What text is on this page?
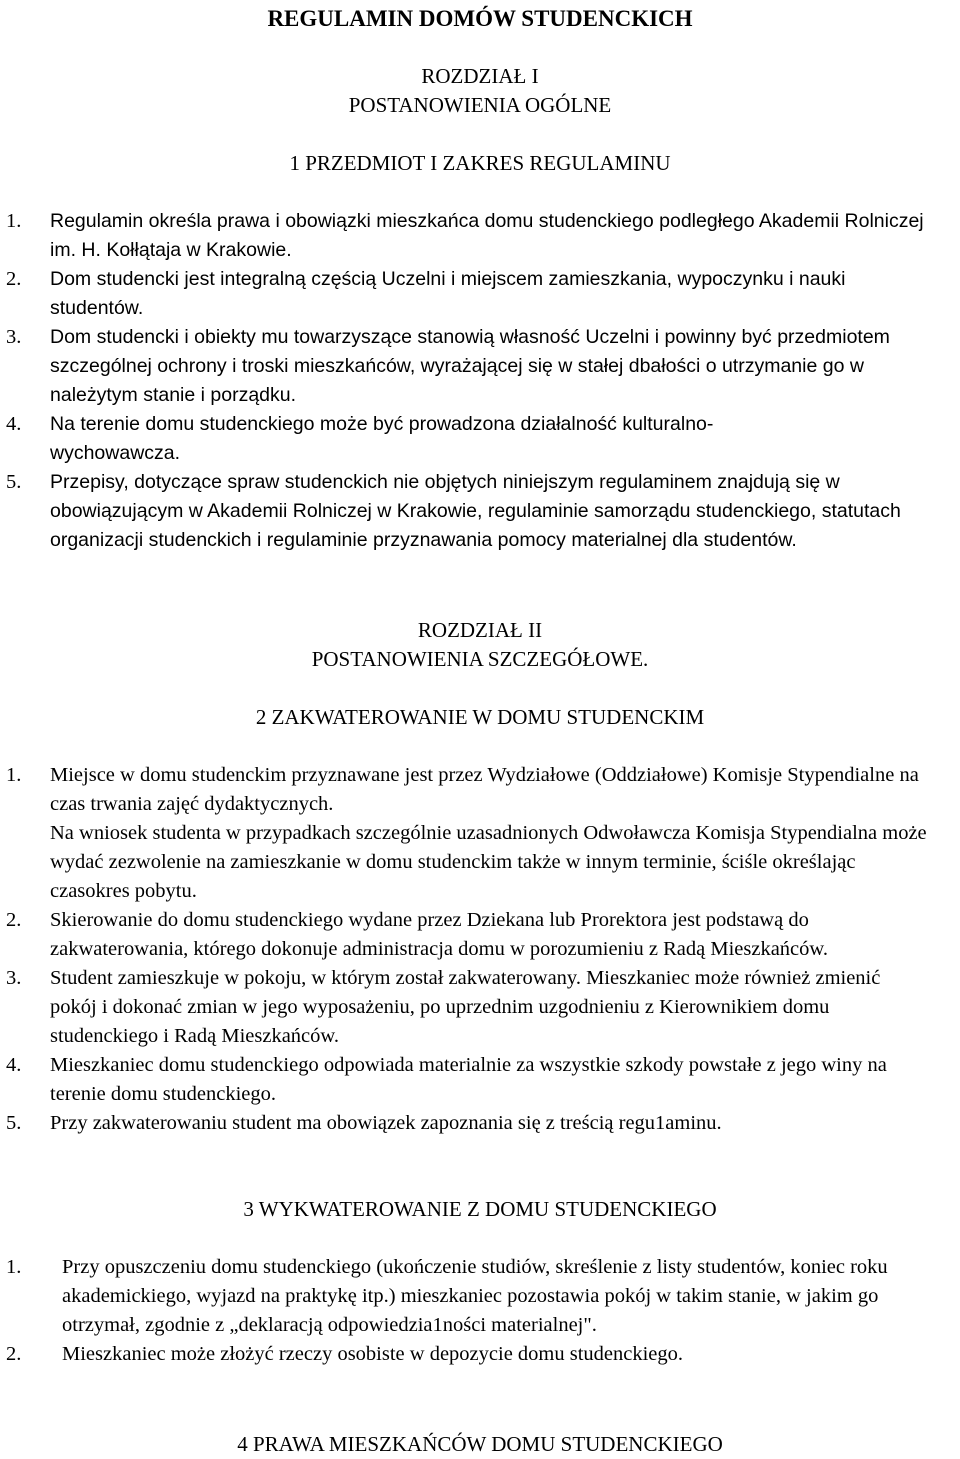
REGULAMIN DOMÓW STUDENCKICH
ROZDZIAŁ I
POSTANOWIENIA OGÓLNE
1 PRZEDMIOT I ZAKRES REGULAMINU
1. Regulamin określa prawa i obowiązki mieszkańca domu studenckiego podległego Akademii Rolniczej im. H. Kołłątaja w Krakowie.
2. Dom studencki jest integralną częścią Uczelni i miejscem zamieszkania, wypoczynku i nauki studentów.
3. Dom studencki i obiekty mu towarzyszące stanowią własność Uczelni i powinny być przedmiotem szczególnej ochrony i troski mieszkańców, wyrażającej się w stałej dbałości o utrzymanie go w należytym stanie i porządku.
4. Na terenie domu studenckiego może być prowadzona działalność kulturalno-wychowawcza.
5. Przepisy, dotyczące spraw studenckich nie objętych niniejszym regulaminem znajdują się w obowiązującym w Akademii Rolniczej w Krakowie, regulaminie samorządu studenckiego, statutach organizacji studenckich i regulaminie przyznawania pomocy materialnej dla studentów.
ROZDZIAŁ II
POSTANOWIENIA SZCZEGÓŁOWE.
2 ZAKWATEROWANIE W DOMU STUDENCKIM
1. Miejsce w domu studenckim przyznawane jest przez Wydziałowe (Oddziałowe) Komisje Stypendialne na czas trwania zajęć dydaktycznych.
Na wniosek studenta w przypadkach szczególnie uzasadnionych Odwoławcza Komisja Stypendialna może wydać zezwolenie na zamieszkanie w domu studenckim także w innym terminie, ściśle określając czasokres pobytu.
2. Skierowanie do domu studenckiego wydane przez Dziekana lub Prorektora jest podstawą do zakwaterowania, którego dokonuje administracja domu w porozumieniu z Radą Mieszkańców.
3. Student zamieszkuje w pokoju, w którym został zakwaterowany. Mieszkaniec może również zmienić pokój i dokonać zmian w jego wyposażeniu, po uprzednim uzgodnieniu z Kierownikiem domu studenckiego i Radą Mieszkańców.
4. Mieszkaniec domu studenckiego odpowiada materialnie za wszystkie szkody powstałe z jego winy na terenie domu studenckiego.
5. Przy zakwaterowaniu student ma obowiązek zapoznania się z treścią regu1aminu.
3 WYKWATEROWANIE Z DOMU STUDENCKIEGO
1. Przy opuszczeniu domu studenckiego (ukończenie studiów, skreślenie z listy studentów, koniec roku akademickiego, wyjazd na praktykę itp.) mieszkaniec pozostawia pokój w takim stanie, w jakim go otrzymał, zgodnie z „deklaracją odpowiedzia1ności materialnej".
2. Mieszkaniec może złożyć rzeczy osobiste w depozycie domu studenckiego.
4 PRAWA MIESZKAŃCÓW DOMU STUDENCKIEGO
